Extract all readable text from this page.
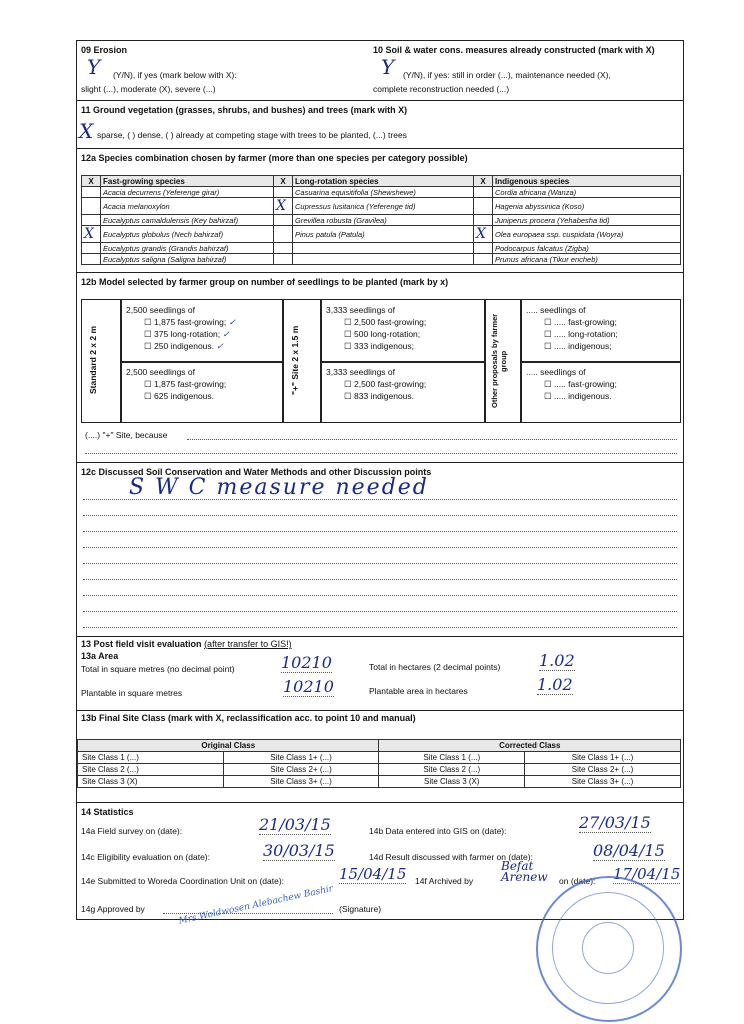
09 Erosion
Y (Y/N), if yes (mark below with X):
slight (...), moderate (X), severe (...)
10 Soil & water cons. measures already constructed (mark with X)
Y (Y/N), if yes: still in order (...), maintenance needed (X),
complete reconstruction needed (...)
11 Ground vegetation (grasses, shrubs, and bushes) and trees (mark with X)
X sparse, ( ) dense, ( ) already at competing stage with trees to be planted, (...) trees
12a Species combination chosen by farmer (more than one species per category possible)
X	Fast-growing species	X	Long-rotation species	X	Indigenous species
	Acacia decurrens (Yeferenge girar)		Casuarina equisitifolia (Shewshewe)		Cordia africana (Wanza)
	Acacia melanoxylon	X	Cupressus lusitanica (Yeferenge tid)		Hagenia abyssinica (Koso)
	Eucalyptus camaldulensis (Key bahirzaf)		Grevillea robusta (Gravilea)		Juniperus procera (Yehabesha tid)
X	Eucalyptus globulus (Nech bahirzaf)		Pinus patula (Patula)	X	Olea europaea ssp. cuspidata (Woyra)
	Eucalyptus grandis (Grandis bahirzaf)				Podocarpus falcatus (Zigba)
	Eucalyptus saligna (Saligna bahirzaf)				Prunus africana (Tikur encheb)
12b Model selected by farmer group on number of seedlings to be planted (mark by x)
Standard 2 x 2 m
2,500 seedlings of
☐ 1,875 fast-growing; ✓
☐ 375 long-rotation; ✓
☐ 250 indigenous. ✓
2,500 seedlings of
☐ 1,875 fast-growing;
☐ 625 indigenous.
"+" Site 2 x 1.5 m
3,333 seedlings of
☐ 2,500 fast-growing;
☐ 500 long-rotation;
☐ 333 indigenous;
3,333 seedlings of
☐ 2,500 fast-growing;
☐ 833 indigenous.	Other proposals by farmer group
..... seedlings of
☐ ..... fast-growing;
☐ ..... long-rotation;
☐ ..... indigenous;
..... seedlings of
☐ ..... fast-growing;
☐ ..... indigenous.
(....) "+" Site, because
12c Discussed Soil Conservation and Water Methods and other Discussion points
S W C measure needed
13 Post field visit evaluation (after transfer to GIS!)
13a Area
Total in square metres (no decimal point)	10210	Total in hectares (2 decimal points) 1.02
Plantable in square metres	10210	Plantable area in hectares	1.02
13b Final Site Class (mark with X, reclassification acc. to point 10 and manual)
Original Class		Corrected Class	
Site Class 1 (...)	Site Class 1+ (...)	Site Class 1 (...)	Site Class 1+ (...)
Site Class 2 (...)	Site Class 2+ (...)	Site Class 2 (...)	Site Class 2+ (...)
Site Class 3 (X)	Site Class 3+ (...)	Site Class 3 (X)	Site Class 3+ (...)
14 Statistics
14a Field survey on (date):	21/03/15	14b Data entered into GIS on (date):	27/03/15
14c Eligibility evaluation on (date):	30/03/15	14d Result discussed with farmer on (date):	08/04/15
14e Submitted to Woreda Coordination Unit on (date):	15/04/15 14f Archived by
Befat Arenew	on (date): 17/04/15
14g Approved by	(Signature)
Mrs.Woldwosen Alebachew Bashir
